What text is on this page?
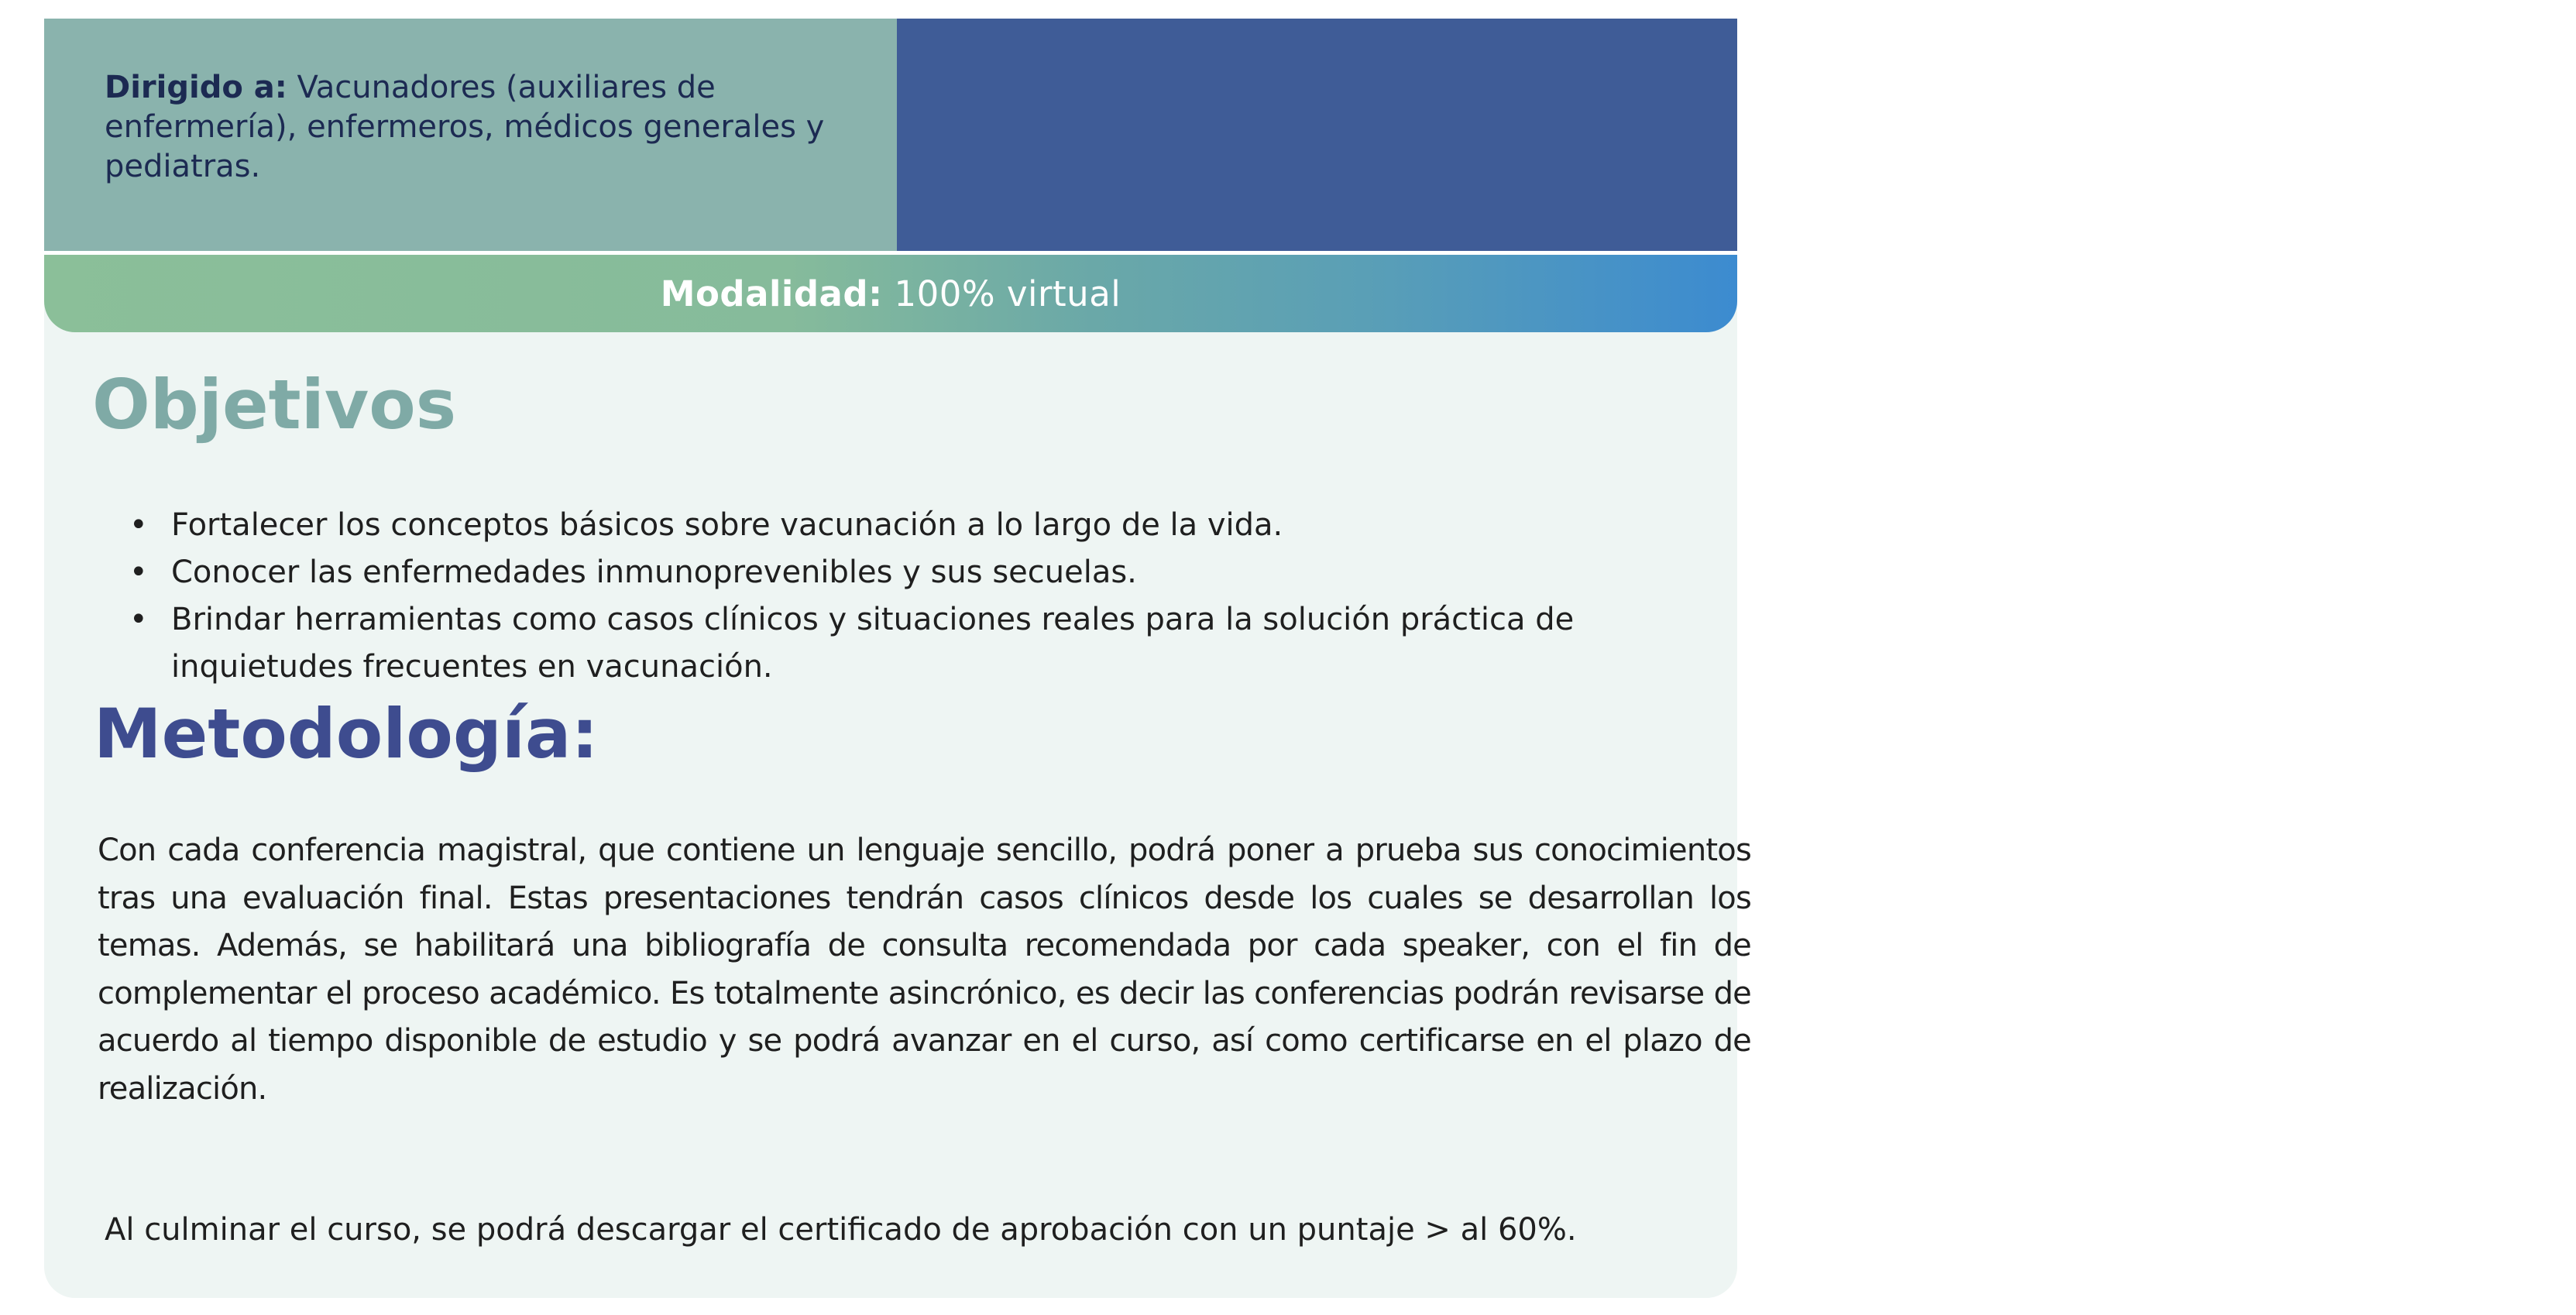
Dirigido a: Vacunadores (auxiliares de enfermería), enfermeros, médicos generales y pediatras.
Intensidad horaria: 40 horas
Duración: Un mes y medio
Fecha de inicio: Según inscripción
Modalidad:
100% virtual
Objetivos
• Fortalecer los conceptos básicos sobre vacunación a lo largo de la vida.
• Conocer las enfermedades inmunoprevenibles y sus secuelas.
• Brindar herramientas como casos clínicos y situaciones reales para la solución práctica de inquietudes frecuentes en vacunación.
Metodología:

Con cada conferencia magistral, que contiene un lenguaje sencillo, podrá poner a prueba sus conocimientos tras una evaluación final. Estas presentaciones tendrán casos clínicos desde los cuales se desarrollan los temas. Además, se habilitará una bibliografía de consulta recomendada por cada speaker, con el fin de complementar el proceso académico. Es totalmente asincrónico, es decir las conferencias podrán revisarse de acuerdo al tiempo disponible de estudio y se podrá avanzar en el curso, así como certificarse en el plazo de realización.

Al culminar el curso, se podrá descargar el certificado de aprobación con un puntaje > al 60%.
